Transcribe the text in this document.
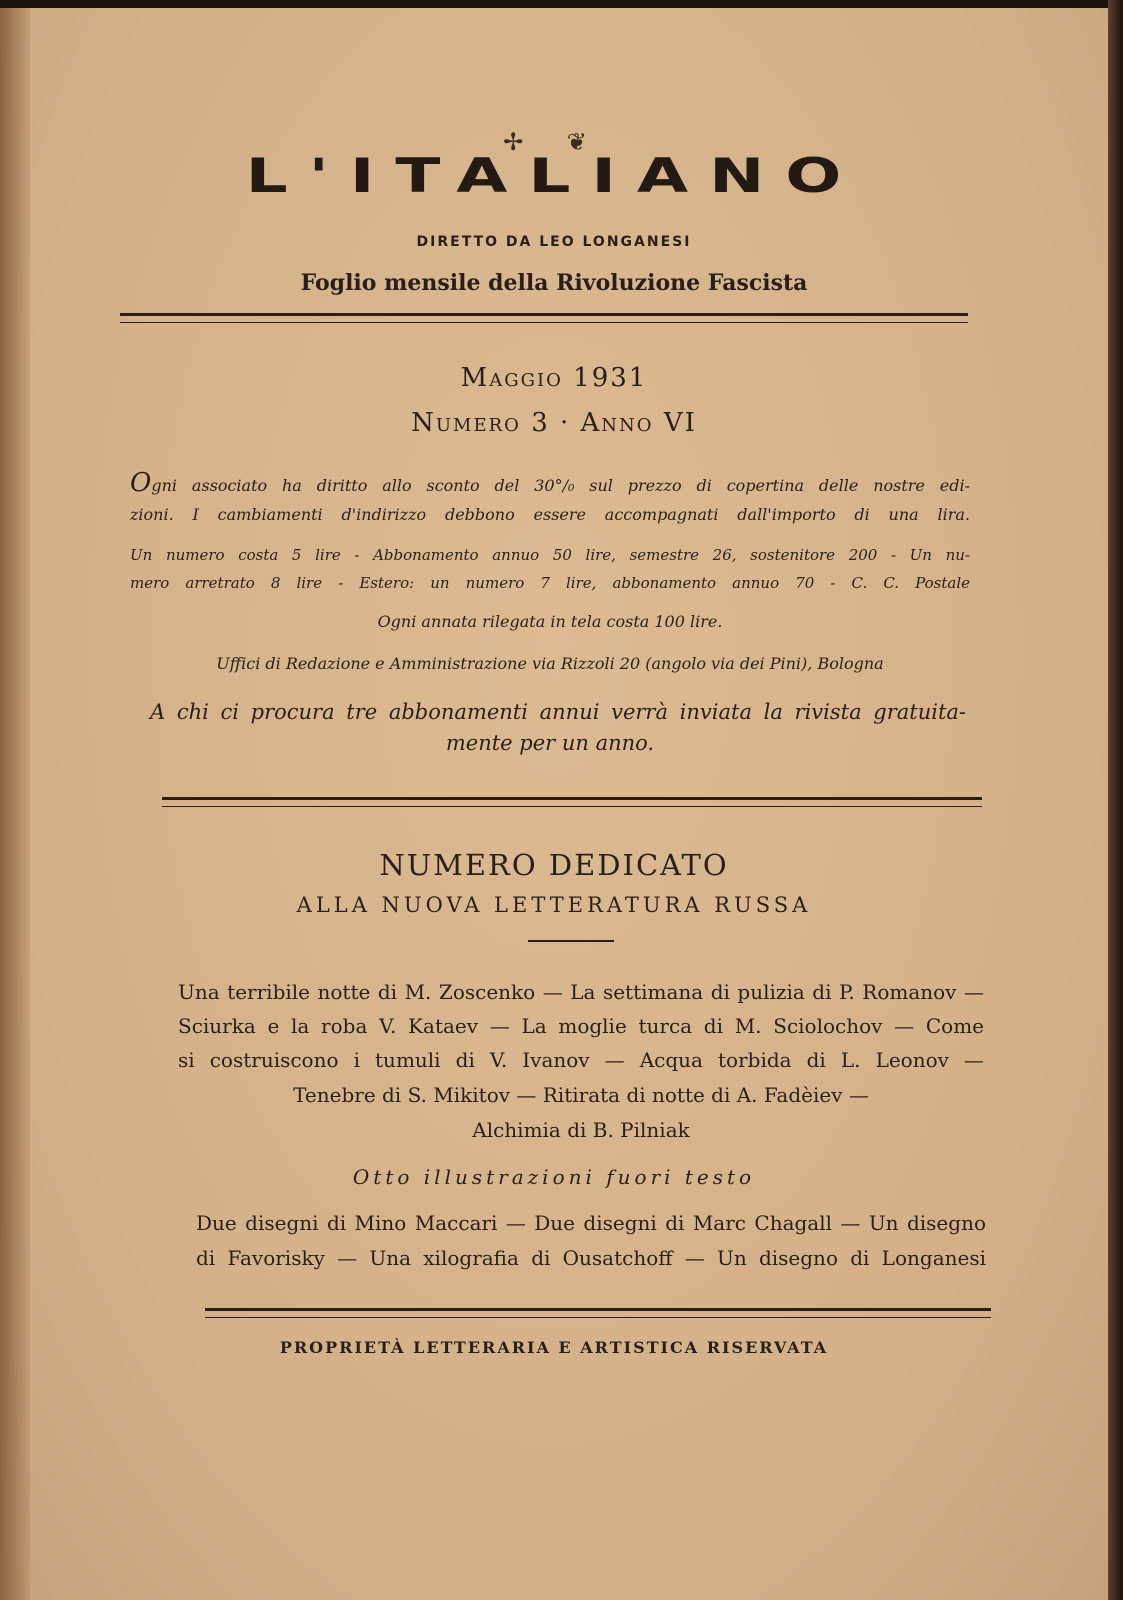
✢ ❦
L'ITALIANO
DIRETTO DA LEO LONGANESI
Foglio mensile della Rivoluzione Fascista
Maggio 1931
Numero 3 · Anno VI
Ogni associato ha diritto allo sconto del 30°/₀ sul prezzo di copertina delle nostre edi-
zioni. I cambiamenti d'indirizzo debbono essere accompagnati dall'importo di una lira.
Un numero costa 5 lire - Abbonamento annuo 50 lire, semestre 26, sostenitore 200 - Un nu-
mero arretrato 8 lire - Estero: un numero 7 lire, abbonamento annuo 70 - C. C. Postale
Ogni annata rilegata in tela costa 100 lire.
Uffici di Redazione e Amministrazione via Rizzoli 20 (angolo via dei Pini), Bologna
A chi ci procura tre abbonamenti annui verrà inviata la rivista gratuita-
mente per un anno.
NUMERO DEDICATO
ALLA NUOVA LETTERATURA RUSSA
Una terribile notte di M. Zoscenko — La settimana di pulizia di P. Romanov —
Sciurka e la roba V. Kataev — La moglie turca di M. Sciolochov — Come
si costruiscono i tumuli di V. Ivanov — Acqua torbida di L. Leonov —
Tenebre di S. Mikitov — Ritirata di notte di A. Fadèiev —
Alchimia di B. Pilniak
Otto illustrazioni fuori testo
Due disegni di Mino Maccari — Due disegni di Marc Chagall — Un disegno
di Favorisky — Una xilografia di Ousatchoff — Un disegno di Longanesi
PROPRIETÀ LETTERARIA E ARTISTICA RISERVATA
